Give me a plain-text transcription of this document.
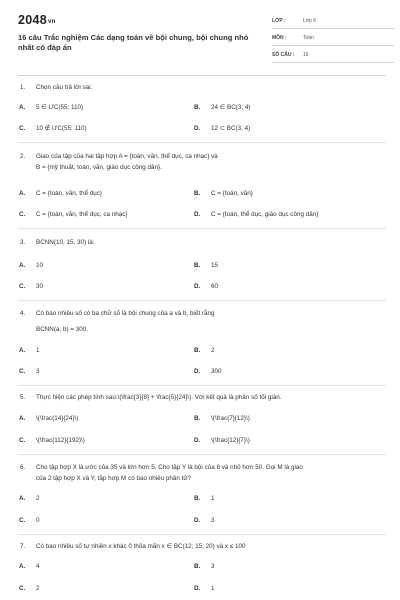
2048vn
16 câu Trắc nghiệm Các dạng toán về bội chung, bội chung nhỏ nhất có đáp án
LỚP :	Lớp 6
MÔN :	Toán
SỐ CÂU : 16
1. Chọn câu trả lời sai.
A. 5 ∈ ƯC(55; 110)	B. 24 ∈ BC(3; 4)
C. 10 ∉ ƯC(55; 110)	D. 12 ⊂ BC(3; 4)
2. Giao của tập của hai tập hợp A = {toán, văn, thể dục, ca nhạc} và
B = {mỹ thuật, toán, văn, giáo dục công dân}.
A. C = {toán, văn, thể dục}	B. C = {toán, văn}
C. C = {toán, văn, thể dục, ca nhạc}	D. C = {toán, thể dục, giáo dục công dân}
3. BCNN(10, 15, 30) là:
A. 10	B. 15
C. 30	D. 60
4. Có bao nhiêu số có ba chữ số là bội chung của a và b, biết rằng
BCNN(a, b) = 300.
A. 1	B. 2
C. 3	D. 300
5. Thực hiện các phép tính sau:\(\frac{3}{8} + \frac{5}{24}\). Với kết quả là phân số tối giản.
A. \(\frac{14}{24}\)	B. \(\frac{7}{12}\)
C. \(\frac{112}{192}\)	D. \(\frac{12}{7}\)
6. Cho tập hợp X là ước của 35 và lớn hơn 5. Cho tập Y là bội của 8 và nhỏ hơn 50. Gọi M là giao
của 2 tập hợp X và Y, tập hợp M có bao nhiêu phần tử?
A. 2	B. 1
C. 0	D. 3
7. Có bao nhiêu số tự nhiên x khác 0 thỏa mãn x ∈ BC(12; 15; 20) và x ≤ 100
A. 4	B. 3
C. 2	D. 1
